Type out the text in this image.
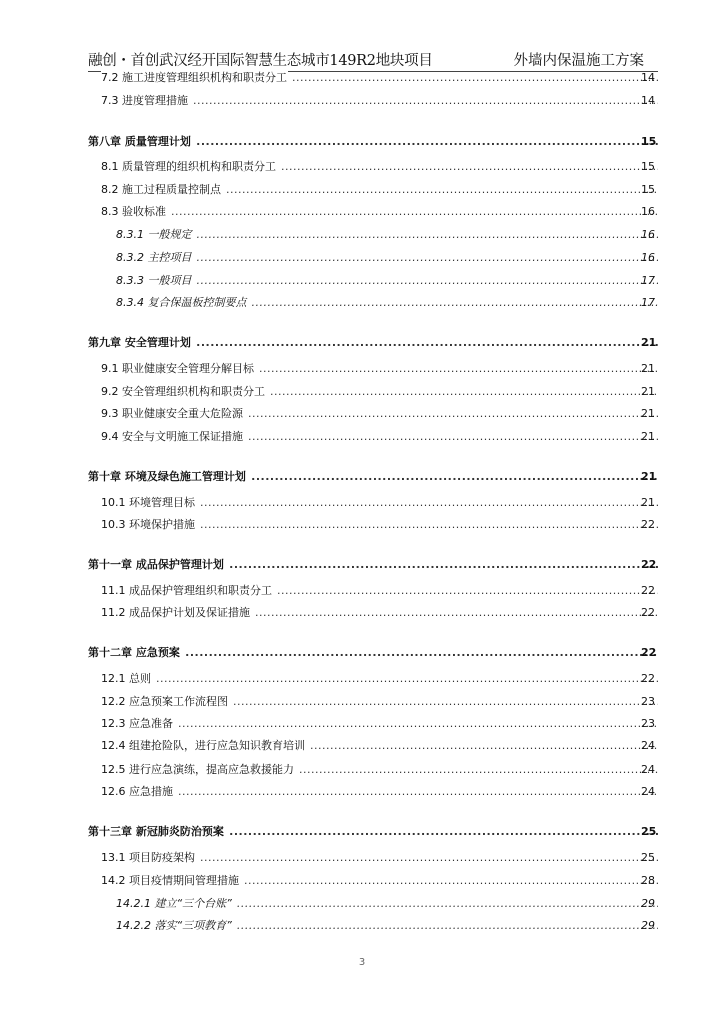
融创・首创武汉经开国际智慧生态城市149R2地块项目	外墙内保温施工方案
7.2 施工进度管理组织机构和职责分工 .....	14
7.3 进度管理措施 .....	14
第八章 质量管理计划 .....	15
8.1 质量管理的组织机构和职责分工 .....	15
8.2 施工过程质量控制点 .....	15
8.3 验收标准 .....	16
8.3.1 一般规定 .....	16
8.3.2 主控项目 .....	16
8.3.3 一般项目 .....	17
8.3.4 复合保温板控制要点 .....	17
第九章 安全管理计划 .....	21
9.1 职业健康安全管理分解目标 .....	21
9.2 安全管理组织机构和职责分工 .....	21
9.3 职业健康安全重大危险源 .....	21
9.4 安全与文明施工保证措施 .....	21
第十章 环境及绿色施工管理计划 .....	21
10.1 环境管理目标 .....	21
10.3 环境保护措施 .....	22
第十一章 成品保护管理计划 .....	22
11.1 成品保护管理组织和职责分工 .....	22
11.2 成品保护计划及保证措施 .....	22
第十二章 应急预案 .....	22
12.1 总则 .....	22
12.2 应急预案工作流程图 .....	23
12.3 应急准备 .....	23
12.4 组建抢险队，进行应急知识教育培训 .....	24
12.5 进行应急演练，提高应急救援能力 .....	24
12.6 应急措施 .....	24
第十三章 新冠肺炎防治预案 .....	25
13.1 项目防疫架构 .....	25
14.2 项目疫情期间管理措施 .....	28
14.2.1 建立“三个台账” .....	29
14.2.2 落实“三项教育” .....	29
3
